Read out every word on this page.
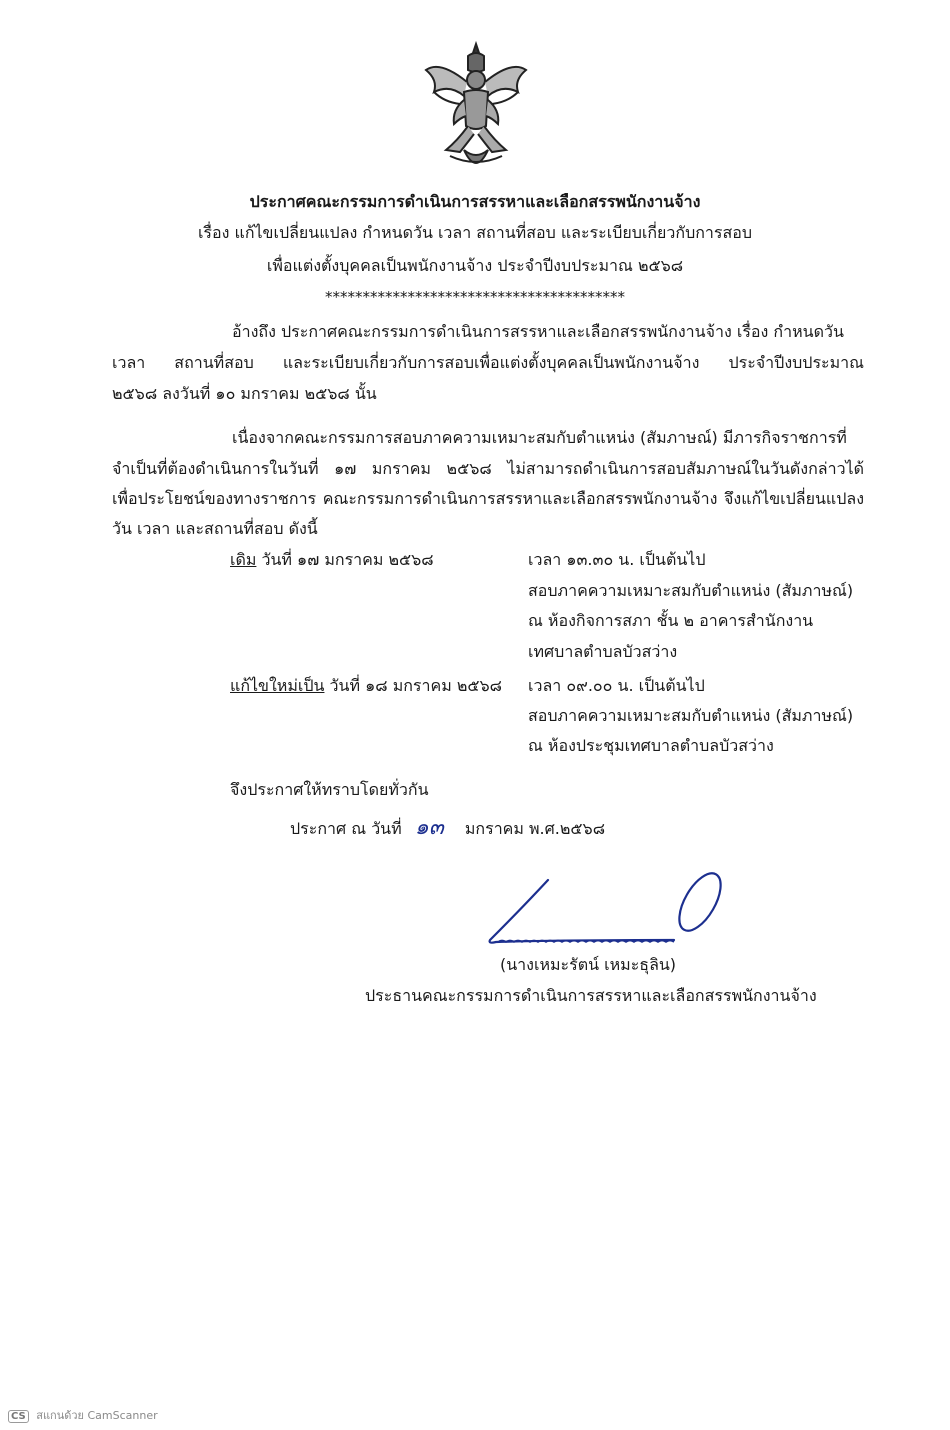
ประกาศคณะกรรมการดำเนินการสรรหาและเลือกสรรพนักงานจ้าง
เรื่อง แก้ไขเปลี่ยนแปลง กำหนดวัน เวลา สถานที่สอบ และระเบียบเกี่ยวกับการสอบ
เพื่อแต่งตั้งบุคคลเป็นพนักงานจ้าง ประจำปีงบประมาณ ๒๕๖๘
****************************************
อ้างถึง ประกาศคณะกรรมการดำเนินการสรรหาและเลือกสรรพนักงานจ้าง เรื่อง กำหนดวัน
เวลา สถานที่สอบ และระเบียบเกี่ยวกับการสอบเพื่อแต่งตั้งบุคคลเป็นพนักงานจ้าง ประจำปีงบประมาณ
๒๕๖๘ ลงวันที่ ๑๐ มกราคม ๒๕๖๘ นั้น
เนื่องจากคณะกรรมการสอบภาคความเหมาะสมกับตำแหน่ง (สัมภาษณ์) มีภารกิจราชการที่
จำเป็นที่ต้องดำเนินการในวันที่ ๑๗ มกราคม ๒๕๖๘ ไม่สามารถดำเนินการสอบสัมภาษณ์ในวันดังกล่าวได้
เพื่อประโยชน์ของทางราชการ คณะกรรมการดำเนินการสรรหาและเลือกสรรพนักงานจ้าง จึงแก้ไขเปลี่ยนแปลง
วัน เวลา และสถานที่สอบ ดังนี้
เดิม วันที่ ๑๗ มกราคม ๒๕๖๘	เวลา ๑๓.๓๐ น. เป็นต้นไป
สอบภาคความเหมาะสมกับตำแหน่ง (สัมภาษณ์)
ณ ห้องกิจการสภา ชั้น ๒ อาคารสำนักงาน
เทศบาลตำบลบัวสว่าง
แก้ไขใหม่เป็น วันที่ ๑๘ มกราคม ๒๕๖๘ เวลา ๐๙.๐๐ น. เป็นต้นไป
สอบภาคความเหมาะสมกับตำแหน่ง (สัมภาษณ์)
ณ ห้องประชุมเทศบาลตำบลบัวสว่าง
จึงประกาศให้ทราบโดยทั่วกัน
ประกาศ ณ วันที่ ๑๓ มกราคม พ.ศ.๒๕๖๘
(นางเหมะรัตน์ เหมะธุลิน)
ประธานคณะกรรมการดำเนินการสรรหาและเลือกสรรพนักงานจ้าง
CS สแกนด้วย CamScanner
